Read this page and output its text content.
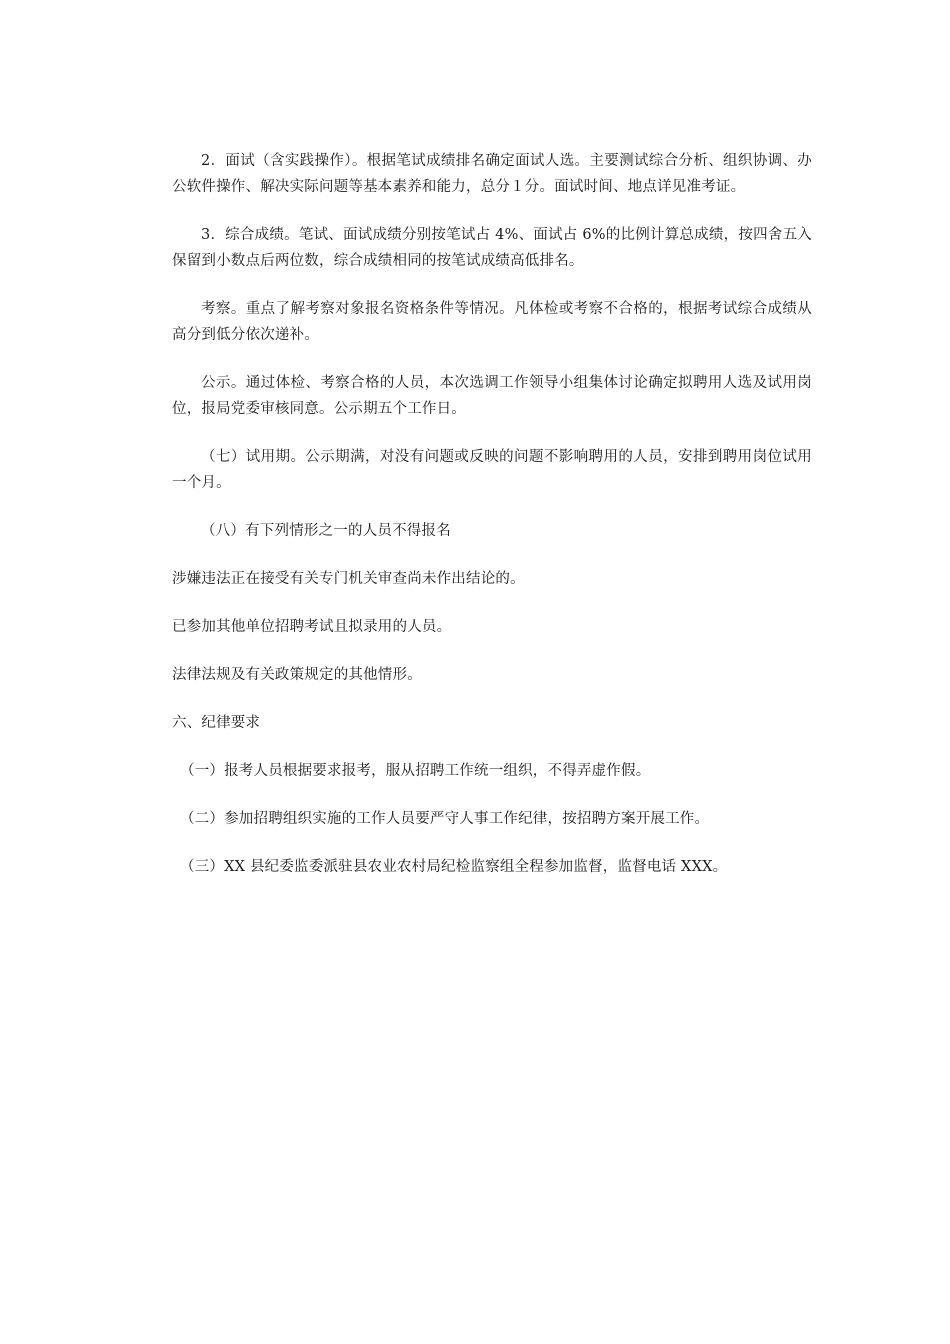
2．面试（含实践操作）。根据笔试成绩排名确定面试人选。主要测试综合分析、组织协调、办公软件操作、解决实际问题等基本素养和能力，总分１分。面试时间、地点详见准考证。

3．综合成绩。笔试、面试成绩分别按笔试占 4%、面试占 6%的比例计算总成绩，按四舍五入保留到小数点后两位数，综合成绩相同的按笔试成绩高低排名。

考察。重点了解考察对象报名资格条件等情况。凡体检或考察不合格的，根据考试综合成绩从高分到低分依次递补。

公示。通过体检、考察合格的人员，本次选调工作领导小组集体讨论确定拟聘用人选及试用岗位，报局党委审核同意。公示期五个工作日。

（七）试用期。公示期满，对没有问题或反映的问题不影响聘用的人员，安排到聘用岗位试用一个月。

（八）有下列情形之一的人员不得报名

涉嫌违法正在接受有关专门机关审查尚未作出结论的。

已参加其他单位招聘考试且拟录用的人员。

法律法规及有关政策规定的其他情形。

六、纪律要求

（一）报考人员根据要求报考，服从招聘工作统一组织，不得弄虚作假。

（二）参加招聘组织实施的工作人员要严守人事工作纪律，按招聘方案开展工作。

（三）XX 县纪委监委派驻县农业农村局纪检监察组全程参加监督，监督电话 XXX。
